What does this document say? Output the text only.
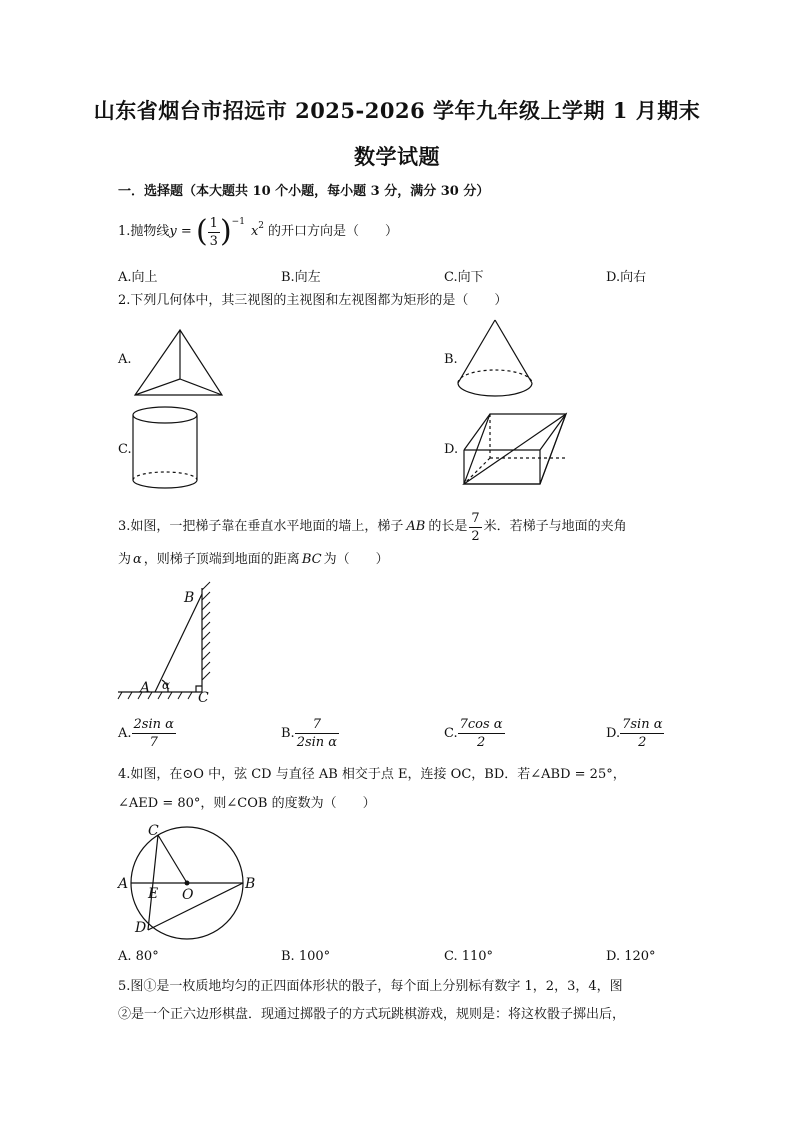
山东省烟台市招远市 2025-2026 学年九年级上学期 1 月期末
数学试题
一．选择题（本大题共 10 个小题，每小题 3 分，满分 30 分）
1.抛物线 y = ( $\frac{1}{3} )^{-1}$
$x^2$ 的开口方向是（　　）
A.向上	B.向左	C.向下	D.向右
2.下列几何体中，其三视图的主视图和左视图都为矩形的是（　　）
A.	B.
C.	D.
3.如图，一把梯子靠在垂直水平地面的墙上，梯子 AB 的长是 $\frac{7}{2}$ 米．若梯子与地面的夹角
为 α ，则梯子顶端到地面的距离 BC 为（　　）
B
A α
C
A. $\frac{\text{2sin α}}{7}$	B. $\frac{7}{\text{2sin α}}$	C. $\frac{\text{7cos α}}{2}$	D. $\frac{\text{7sin α}}{2}$
4.如图，在⊙O 中，弦 CD 与直径 AB 相交于点 E，连接 OC，BD．若∠ABD = 25°，
∠AED = 80°，则∠COB 的度数为（　　）
C
A
E O
B
D
A. 80°	B. 100°	C. 110°	D. 120°
5.图①是一枚质地均匀的正四面体形状的骰子，每个面上分别标有数字 1，2，3，4，图
②是一个正六边形棋盘．现通过掷骰子的方式玩跳棋游戏，规则是：将这枚骰子掷出后，
